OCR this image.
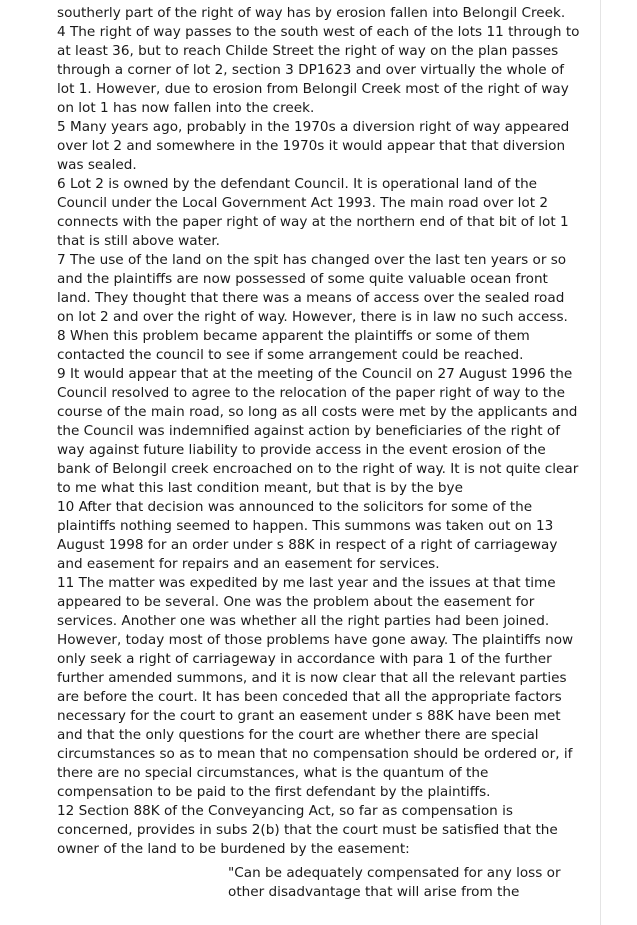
southerly part of the right of way has by erosion fallen into Belongil Creek.
4 The right of way passes to the south west of each of the lots 11 through to
at least 36, but to reach Childe Street the right of way on the plan passes
through a corner of lot 2, section 3 DP1623 and over virtually the whole of
lot 1. However, due to erosion from Belongil Creek most of the right of way
on lot 1 has now fallen into the creek.
5 Many years ago, probably in the 1970s a diversion right of way appeared
over lot 2 and somewhere in the 1970s it would appear that that diversion
was sealed.
6 Lot 2 is owned by the defendant Council. It is operational land of the
Council under the Local Government Act 1993. The main road over lot 2
connects with the paper right of way at the northern end of that bit of lot 1
that is still above water.
7 The use of the land on the spit has changed over the last ten years or so
and the plaintiffs are now possessed of some quite valuable ocean front
land. They thought that there was a means of access over the sealed road
on lot 2 and over the right of way. However, there is in law no such access.
8 When this problem became apparent the plaintiffs or some of them
contacted the council to see if some arrangement could be reached.
9 It would appear that at the meeting of the Council on 27 August 1996 the
Council resolved to agree to the relocation of the paper right of way to the
course of the main road, so long as all costs were met by the applicants and
the Council was indemnified against action by beneficiaries of the right of
way against future liability to provide access in the event erosion of the
bank of Belongil creek encroached on to the right of way. It is not quite clear
to me what this last condition meant, but that is by the bye
10 After that decision was announced to the solicitors for some of the
plaintiffs nothing seemed to happen. This summons was taken out on 13
August 1998 for an order under s 88K in respect of a right of carriageway
and easement for repairs and an easement for services.
11 The matter was expedited by me last year and the issues at that time
appeared to be several. One was the problem about the easement for
services. Another one was whether all the right parties had been joined.
However, today most of those problems have gone away. The plaintiffs now
only seek a right of carriageway in accordance with para 1 of the further
further amended summons, and it is now clear that all the relevant parties
are before the court. It has been conceded that all the appropriate factors
necessary for the court to grant an easement under s 88K have been met
and that the only questions for the court are whether there are special
circumstances so as to mean that no compensation should be ordered or, if
there are no special circumstances, what is the quantum of the
compensation to be paid to the first defendant by the plaintiffs.
12 Section 88K of the Conveyancing Act, so far as compensation is
concerned, provides in subs 2(b) that the court must be satisfied that the
owner of the land to be burdened by the easement:
"Can be adequately compensated for any loss or
other disadvantage that will arise from the
